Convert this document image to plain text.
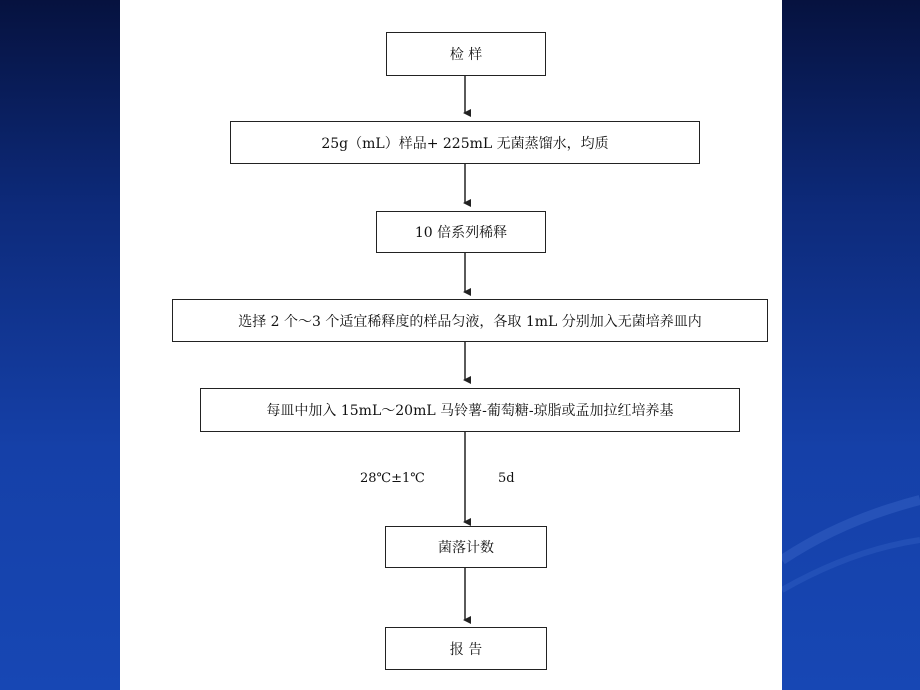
检 样
25g（mL）样品+ 225mL 无菌蒸馏水，均质
10 倍系列稀释
选择 2 个～3 个适宜稀释度的样品匀液，各取 1mL 分别加入无菌培养皿内
每皿中加入 15mL～20mL 马铃薯-葡萄糖-琼脂或孟加拉红培养基
28℃±1℃	5d
菌落计数
报 告
